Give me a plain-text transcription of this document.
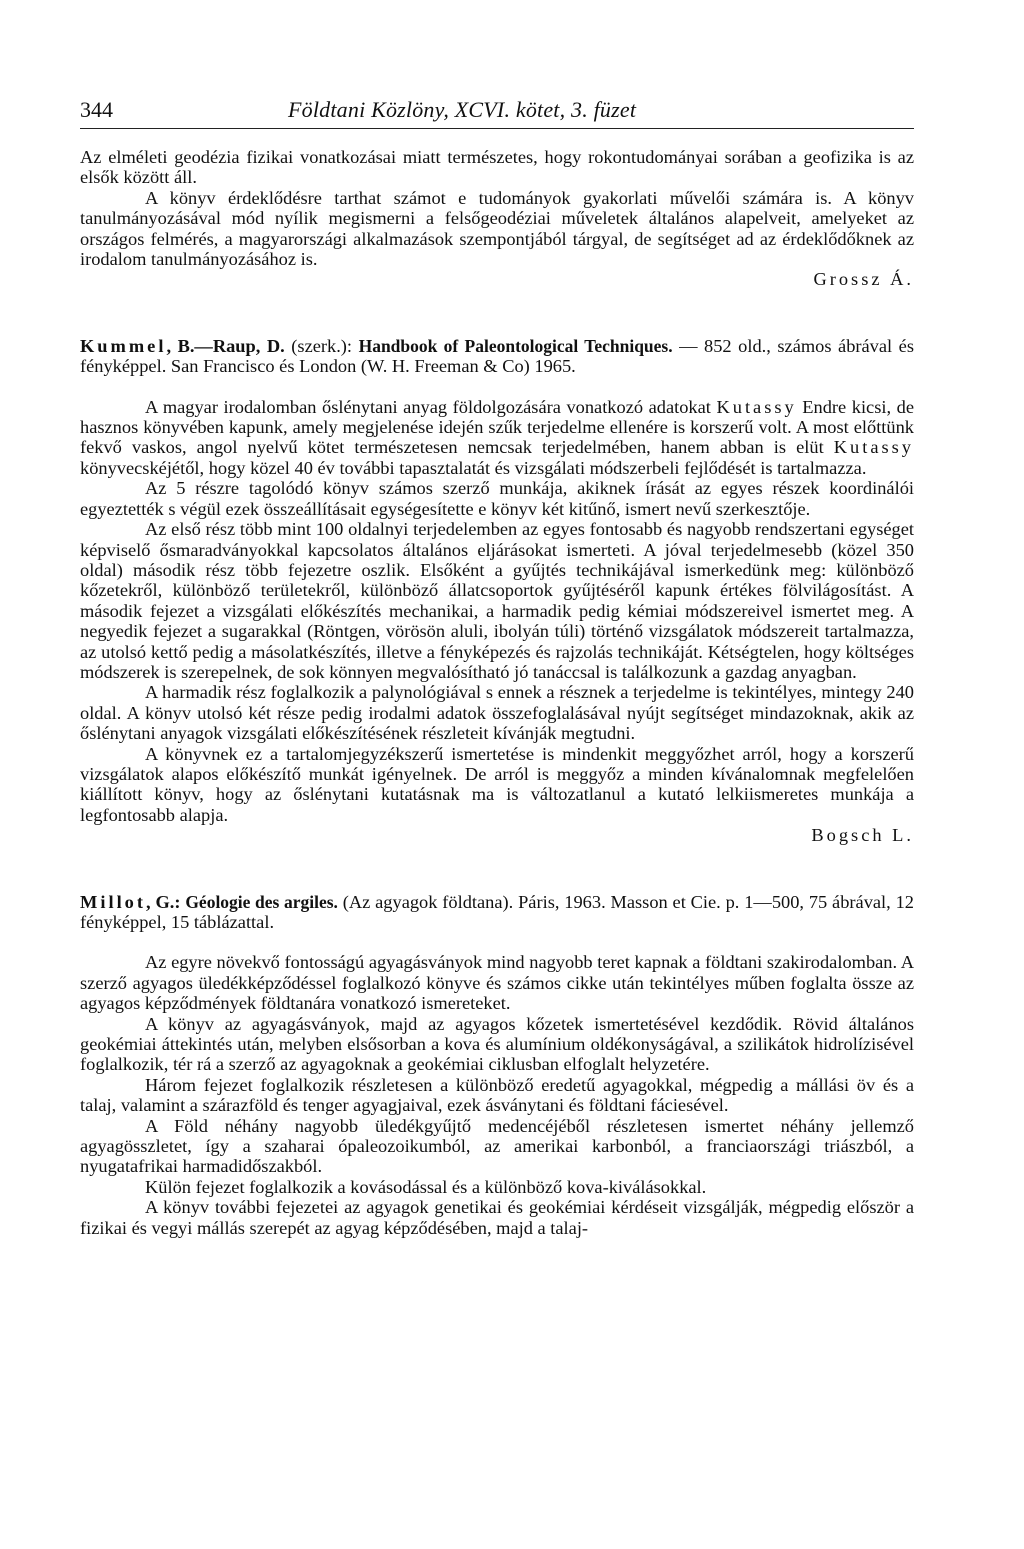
344	Földtani Közlöny, XCVI. kötet, 3. füzet

Az elméleti geodézia fizikai vonatkozásai miatt természetes, hogy rokontudományai sorában a geofizika is az elsők között áll.

A könyv érdeklődésre tarthat számot e tudományok gyakorlati művelői számára is. A könyv tanulmányozásával mód nyílik megismerni a felsőgeodéziai műveletek általános alapelveit, amelyeket az országos felmérés, a magyarországi alkalmazások szempontjából tárgyal, de segítséget ad az érdeklődőknek az irodalom tanulmányozásához is.

Grossz Á.
Kummel, B.—Raup, D. (szerk.): Handbook of Paleontological Techniques. — 852 old., számos ábrával és fényképpel. San Francisco és London (W. H. Freeman & Co) 1965.

A magyar irodalomban őslénytani anyag földolgozására vonatkozó adatokat Kutassy Endre kicsi, de hasznos könyvében kapunk, amely megjelenése idején szűk terjedelme ellenére is korszerű volt. A most előttünk fekvő vaskos, angol nyelvű kötet természetesen nemcsak terjedelmében, hanem abban is elüt Kutassy könyvecskéjétől, hogy közel 40 év további tapasztalatát és vizsgálati módszerbeli fejlődését is tartalmazza.

Az 5 részre tagolódó könyv számos szerző munkája, akiknek írását az egyes részek koordinálói egyeztették s végül ezek összeállításait egységesítette e könyv két kitűnő, ismert nevű szerkesztője.

Az első rész több mint 100 oldalnyi terjedelemben az egyes fontosabb és nagyobb rendszertani egységet képviselő ősmaradványokkal kapcsolatos általános eljárásokat ismerteti. A jóval terjedelmesebb (közel 350 oldal) második rész több fejezetre oszlik. Elsőként a gyűjtés technikájával ismerkedünk meg: különböző kőzetekről, különböző területekről, különböző állatcsoportok gyűjtéséről kapunk értékes fölvilágosítást. A második fejezet a vizsgálati előkészítés mechanikai, a harmadik pedig kémiai módszereivel ismertet meg. A negyedik fejezet a sugarakkal (Röntgen, vörösön aluli, ibolyán túli) történő vizsgálatok módszereit tartalmazza, az utolsó kettő pedig a másolatkészítés, illetve a fényképezés és rajzolás technikáját. Kétségtelen, hogy költséges módszerek is szerepelnek, de sok könnyen megvalósítható jó tanáccsal is találkozunk a gazdag anyagban.

A harmadik rész foglalkozik a palynológiával s ennek a résznek a terjedelme is tekintélyes, mintegy 240 oldal. A könyv utolsó két része pedig irodalmi adatok összefoglalásával nyújt segítséget mindazoknak, akik az őslénytani anyagok vizsgálati előkészítésének részleteit kívánják megtudni.

A könyvnek ez a tartalomjegyzékszerű ismertetése is mindenkit meggyőzhet arról, hogy a korszerű vizsgálatok alapos előkészítő munkát igényelnek. De arról is meggyőz a minden kívánalomnak megfelelően kiállított könyv, hogy az őslénytani kutatásnak ma is változatlanul a kutató lelkiismeretes munkája a legfontosabb alapja.

Bogsch L.
Millot, G.: Géologie des argiles. (Az agyagok földtana). Páris, 1963. Masson et Cie. p. 1—500, 75 ábrával, 12 fényképpel, 15 táblázattal.

Az egyre növekvő fontosságú agyagásványok mind nagyobb teret kapnak a földtani szakirodalomban. A szerző agyagos üledékképződéssel foglalkozó könyve és számos cikke után tekintélyes műben foglalta össze az agyagos képződmények földtanára vonatkozó ismereteket.

A könyv az agyagásványok, majd az agyagos kőzetek ismertetésével kezdődik. Rövid általános geokémiai áttekintés után, melyben elsősorban a kova és alumínium oldékonyságával, a szilikátok hidrolízisével foglalkozik, tér rá a szerző az agyagoknak a geokémiai ciklusban elfoglalt helyzetére.

Három fejezet foglalkozik részletesen a különböző eredetű agyagokkal, mégpedig a mállási öv és a talaj, valamint a szárazföld és tenger agyagjaival, ezek ásványtani és földtani fáciesével.

A Föld néhány nagyobb üledékgyűjtő medencéjéből részletesen ismertet néhány jellemző agyagösszletet, így a szaharai ópaleozoikumból, az amerikai karbonból, a franciaországi triászból, a nyugatafrikai harmadidőszakból.

Külön fejezet foglalkozik a kovásodással és a különböző kova-kiválásokkal.

A könyv további fejezetei az agyagok genetikai és geokémiai kérdéseit vizsgálják, mégpedig először a fizikai és vegyi mállás szerepét az agyag képződésében, majd a talaj-
